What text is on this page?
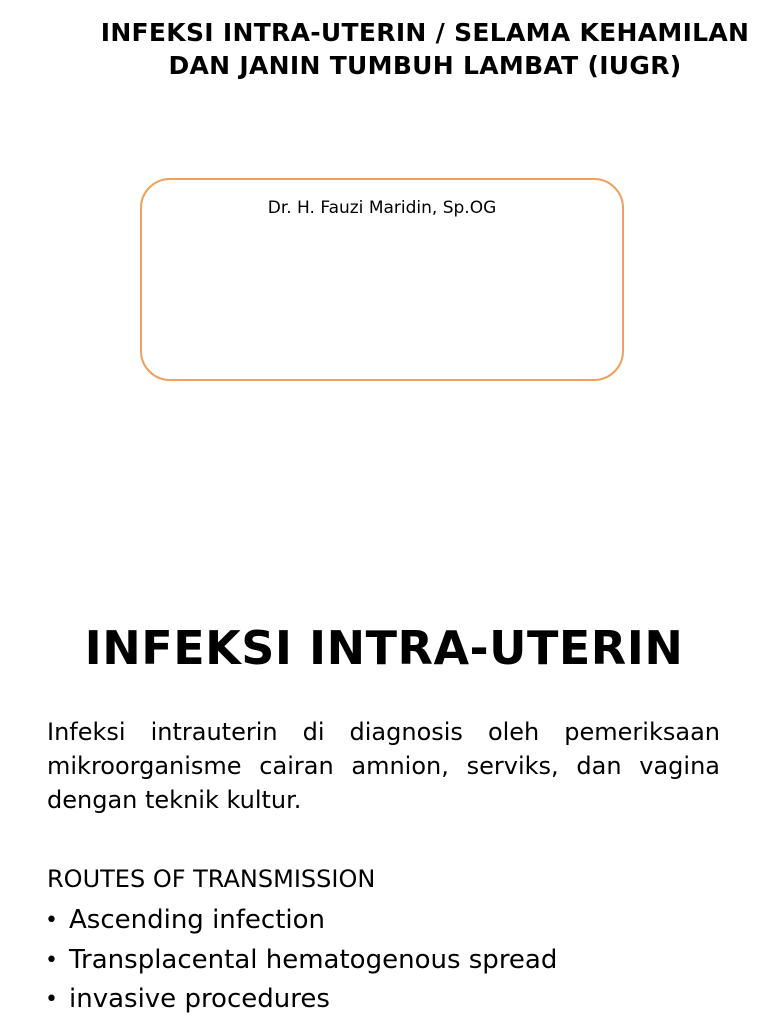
INFEKSI INTRA-UTERIN / SELAMA KEHAMILAN DAN JANIN TUMBUH LAMBAT (IUGR)
Dr. H. Fauzi Maridin, Sp.OG
INFEKSI INTRA-UTERIN

Infeksi intrauterin di diagnosis oleh pemeriksaan mikroorganisme cairan amnion, serviks, dan vagina dengan teknik kultur.

ROUTES OF TRANSMISSION

• Ascending infection
• Transplacental hematogenous spread
• invasive procedures
